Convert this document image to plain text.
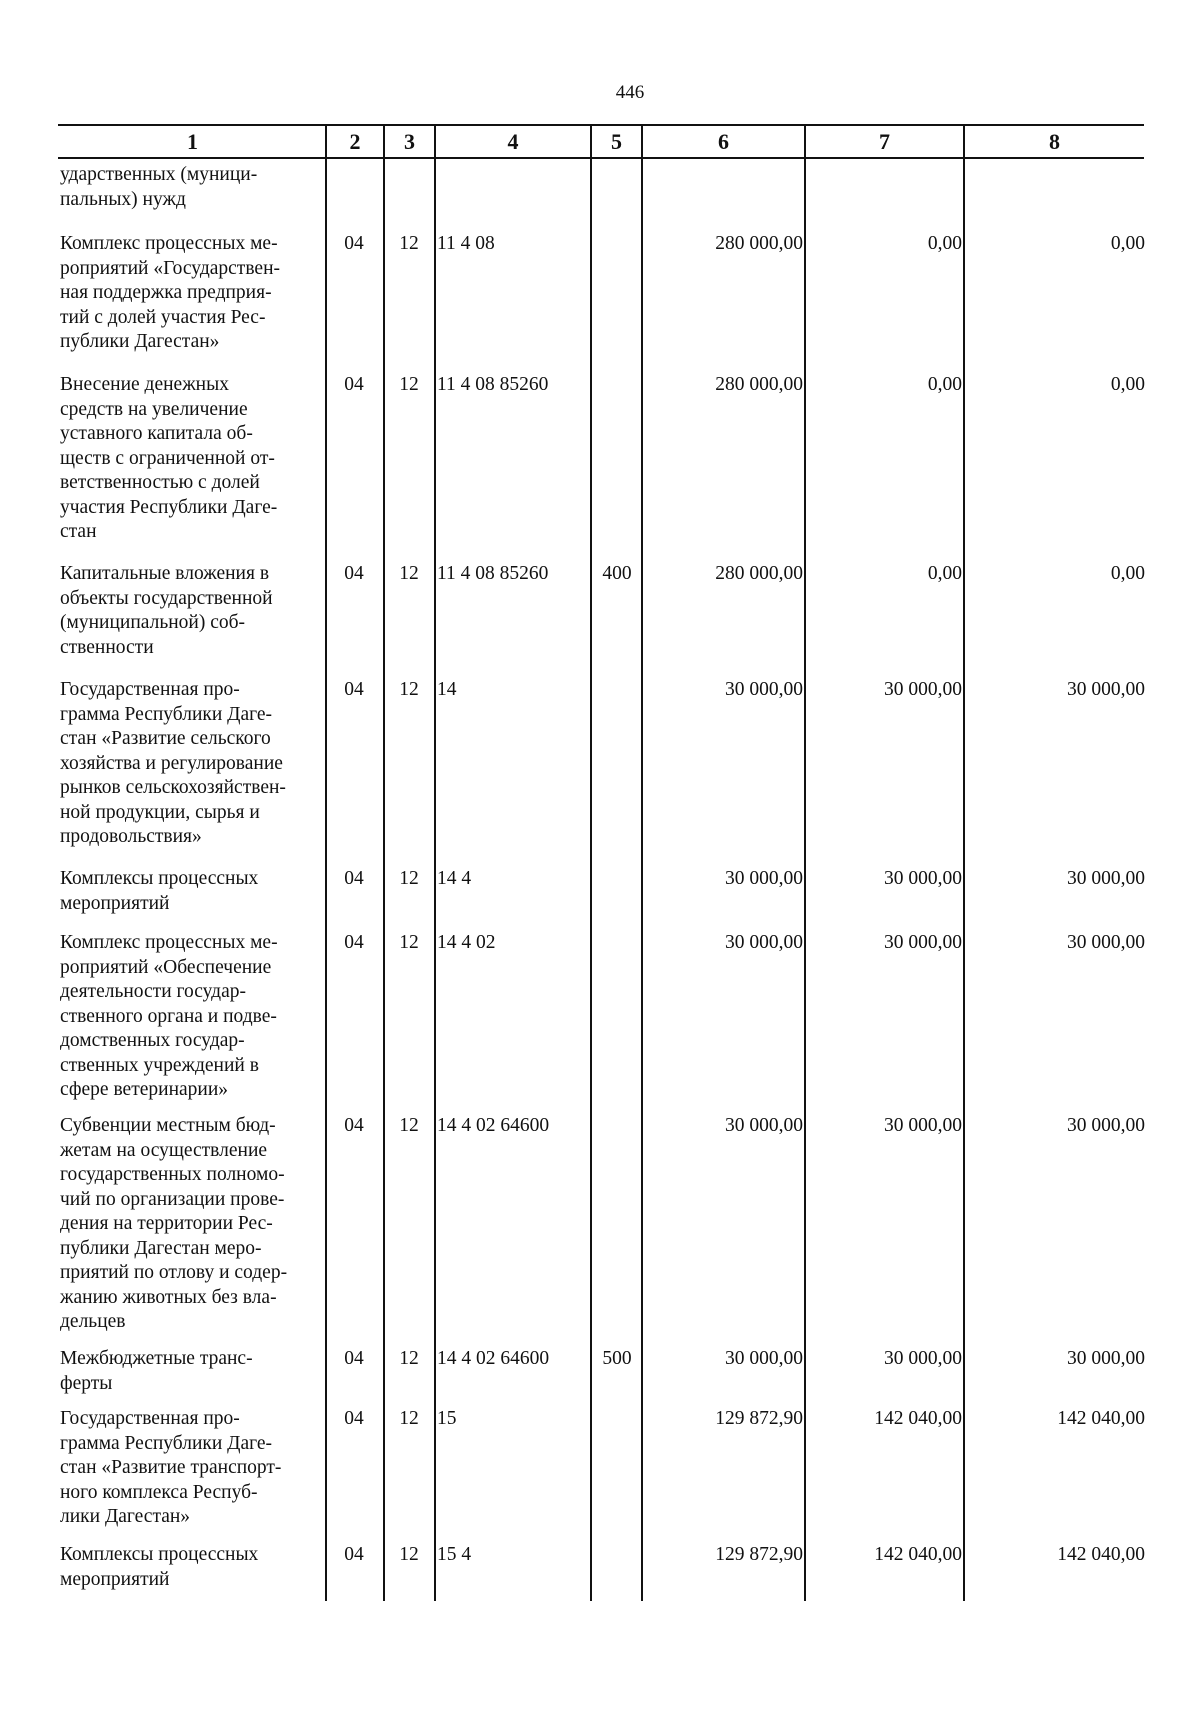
446
1	2	3	4	5	6	7	8
ударственных (муници-
пальных) нужд
Комплекс процессных ме-
роприятий «Государствен-
ная поддержка предприя-
тий с долей участия Рес-
публики Дагестан»
04	12 11 4 08	280 000,00	0,00	0,00
Внесение денежных
средств на увеличение
уставного капитала об-
ществ с ограниченной от-
ветственностью с долей
участия Республики Даге-
стан
04	12 11 4 08 85260	280 000,00	0,00	0,00
Капитальные вложения в
объекты государственной
(муниципальной) соб-
ственности
04	12 11 4 08 85260	400	280 000,00	0,00	0,00
Государственная про-
грамма Республики Даге-
стан «Развитие сельского
хозяйства и регулирование
рынков сельскохозяйствен-
ной продукции, сырья и
продовольствия»
04	12 14	30 000,00	30 000,00	30 000,00
Комплексы процессных
мероприятий
04	12 14 4	30 000,00	30 000,00	30 000,00
Комплекс процессных ме-
роприятий «Обеспечение
деятельности государ-
ственного органа и подве-
домственных государ-
ственных учреждений в
сфере ветеринарии»
04	12 14 4 02	30 000,00	30 000,00	30 000,00
Субвенции местным бюд-
жетам на осуществление
государственных полномо-
чий по организации прове-
дения на территории Рес-
публики Дагестан меро-
приятий по отлову и содер-
жанию животных без вла-
дельцев
04	12 14 4 02 64600	30 000,00	30 000,00	30 000,00
Межбюджетные транс-
ферты
04	12 14 4 02 64600	500	30 000,00	30 000,00	30 000,00
Государственная про-
грамма Республики Даге-
стан «Развитие транспорт-
ного комплекса Респуб-
лики Дагестан»
04	12 15	129 872,90	142 040,00	142 040,00
Комплексы процессных
мероприятий
04	12 15 4	129 872,90	142 040,00	142 040,00
